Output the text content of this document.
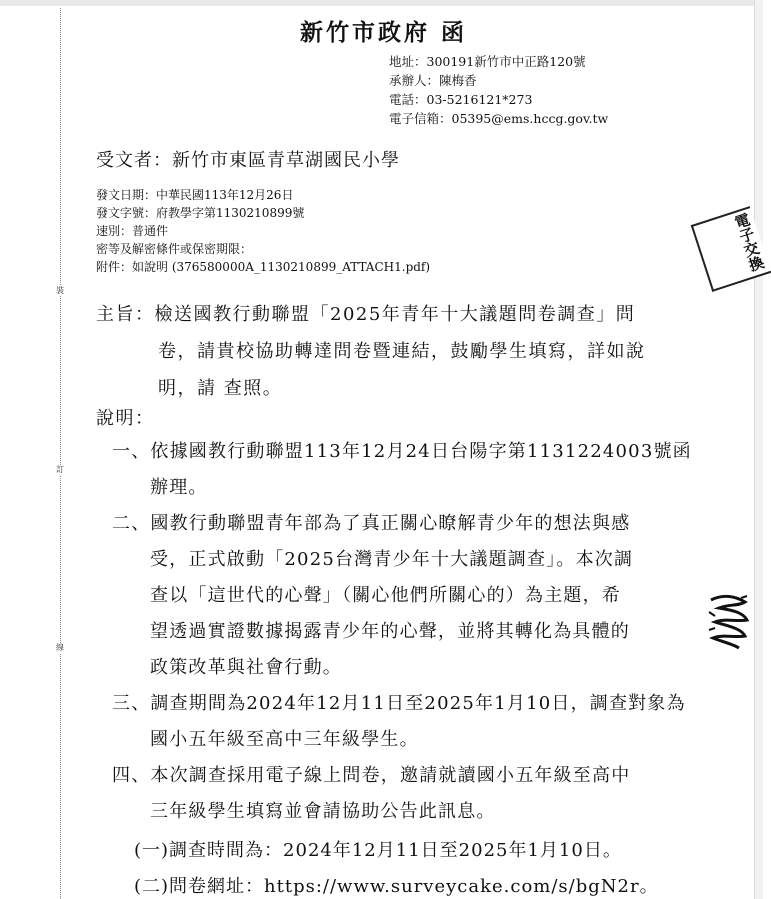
裝
訂
線
新竹市政府 函
地址：300191新竹市中正路120號
承辦人：陳梅香
電話：03-5216121*273
電子信箱：05395@ems.hccg.gov.tw
受文者：新竹市東區青草湖國民小學
發文日期：中華民國113年12月26日
發文字號：府教學字第1130210899號
速別：普通件
密等及解密條件或保密期限：
附件：如說明 (376580000A_1130210899_ATTACH1.pdf)	電子交換
主旨：檢送國教行動聯盟「2025年青年十大議題問卷調查」問
卷，請貴校協助轉達問卷暨連結，鼓勵學生填寫，詳如說
明，請 查照。
說明：
一、依據國教行動聯盟113年12月24日台陽字第1131224003號函
辦理。
二、國教行動聯盟青年部為了真正關心瞭解青少年的想法與感
受，正式啟動「2025台灣青少年十大議題調查」。本次調
查以「這世代的心聲」（關心他們所關心的）為主題，希
望透過實證數據揭露青少年的心聲，並將其轉化為具體的
政策改革與社會行動。
三、調查期間為2024年12月11日至2025年1月10日，調查對象為
國小五年級至高中三年級學生。
四、本次調查採用電子線上問卷，邀請就讀國小五年級至高中
三年級學生填寫並會請協助公告此訊息。
(一)調查時間為：2024年12月11日至2025年1月10日。
(二)問卷網址：https://www.surveycake.com/s/bgN2r。
